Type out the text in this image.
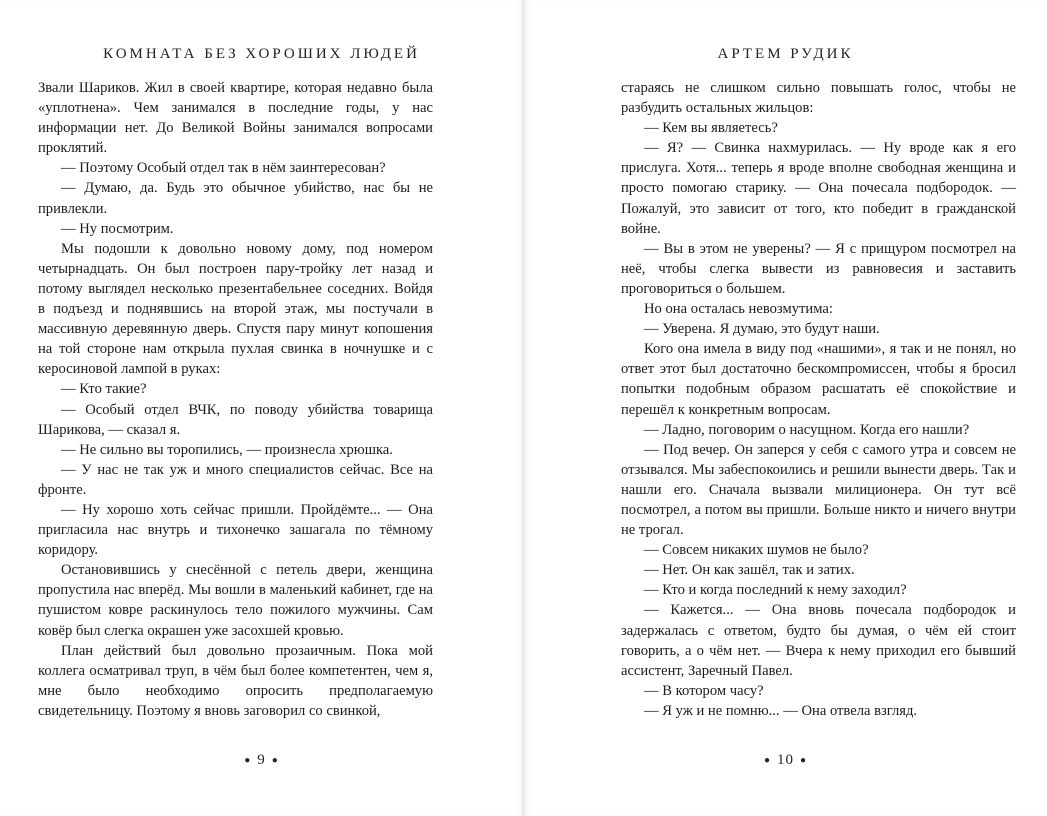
КОМНАТА БЕЗ ХОРОШИХ ЛЮДЕЙ

Звали Шариков. Жил в своей квартире, которая недавно была «уплотнена». Чем занимался в последние годы, у нас информации нет. До Великой Войны занимался вопросами проклятий.

— Поэтому Особый отдел так в нём заинтересован?

— Думаю, да. Будь это обычное убийство, нас бы не привлекли.

— Ну посмотрим.

Мы подошли к довольно новому дому, под номером четырнадцать. Он был построен пару-тройку лет назад и потому выглядел несколько презентабельнее соседних. Войдя в подъезд и поднявшись на второй этаж, мы постучали в массивную деревянную дверь. Спустя пару минут копошения на той стороне нам открыла пухлая свинка в ночнушке и с керосиновой лампой в руках:

— Кто такие?

— Особый отдел ВЧК, по поводу убийства товарища Шарикова, — сказал я.

— Не сильно вы торопились, — произнесла хрюшка.

— У нас не так уж и много специалистов сейчас. Все на фронте.

— Ну хорошо хоть сейчас пришли. Пройдёмте... — Она пригласила нас внутрь и тихонечко зашагала по тёмному коридору.

Остановившись у снесённой с петель двери, женщина пропустила нас вперёд. Мы вошли в маленький кабинет, где на пушистом ковре раскинулось тело пожилого мужчины. Сам ковёр был слегка окрашен уже засохшей кровью.

План действий был довольно прозаичным. Пока мой коллега осматривал труп, в чём был более компетентен, чем я, мне было необходимо опросить предполагаемую свидетельницу. Поэтому я вновь заговорил со свинкой,

● 9 ●
АРТЕМ РУДИК

стараясь не слишком сильно повышать голос, чтобы не разбудить остальных жильцов:

— Кем вы являетесь?

— Я? — Свинка нахмурилась. — Ну вроде как я его прислуга. Хотя... теперь я вроде вполне свободная женщина и просто помогаю старику. — Она почесала подбородок. — Пожалуй, это зависит от того, кто победит в гражданской войне.

— Вы в этом не уверены? — Я с прищуром посмотрел на неё, чтобы слегка вывести из равновесия и заставить проговориться о большем.

Но она осталась невозмутима:

— Уверена. Я думаю, это будут наши.

Кого она имела в виду под «нашими», я так и не понял, но ответ этот был достаточно бескомпромиссен, чтобы я бросил попытки подобным образом расшатать её спокойствие и перешёл к конкретным вопросам.

— Ладно, поговорим о насущном. Когда его нашли?

— Под вечер. Он заперся у себя с самого утра и совсем не отзывался. Мы забеспокоились и решили вынести дверь. Так и нашли его. Сначала вызвали милиционера. Он тут всё посмотрел, а потом вы пришли. Больше никто и ничего внутри не трогал.

— Совсем никаких шумов не было?

— Нет. Он как зашёл, так и затих.

— Кто и когда последний к нему заходил?

— Кажется... — Она вновь почесала подбородок и задержалась с ответом, будто бы думая, о чём ей стоит говорить, а о чём нет. — Вчера к нему приходил его бывший ассистент, Заречный Павел.

— В котором часу?

— Я уж и не помню... — Она отвела взгляд.

● 10 ●
